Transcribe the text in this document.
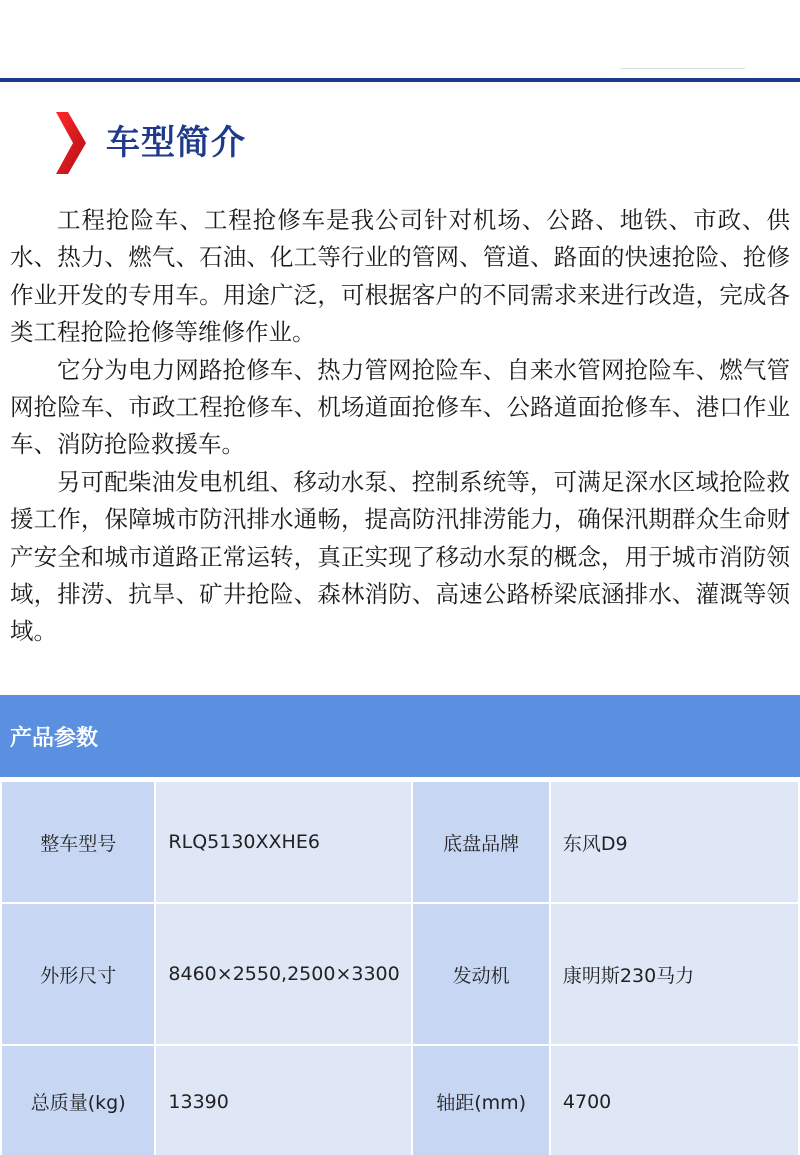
车型简介

工程抢险车、工程抢修车是我公司针对机场、公路、地铁、市政、供水、热力、燃气、石油、化工等行业的管网、管道、路面的快速抢险、抢修作业开发的专用车。用途广泛，可根据客户的不同需求来进行改造，完成各类工程抢险抢修等维修作业。

它分为电力网路抢修车、热力管网抢险车、自来水管网抢险车、燃气管网抢险车、市政工程抢修车、机场道面抢修车、公路道面抢修车、港口作业车、消防抢险救援车。

另可配柴油发电机组、移动水泵、控制系统等，可满足深水区域抢险救援工作，保障城市防汛排水通畅，提高防汛排涝能力，确保汛期群众生命财产安全和城市道路正常运转，真正实现了移动水泵的概念，用于城市消防领域，排涝、抗旱、矿井抢险、森林消防、高速公路桥梁底涵排水、灌溉等领域。

产品参数
整车型号	RLQ5130XXHE6	底盘品牌	东风D9
外形尺寸	8460×2550,2500×3300	发动机	康明斯230马力
总质量(kg)	13390	轴距(mm)	4700
